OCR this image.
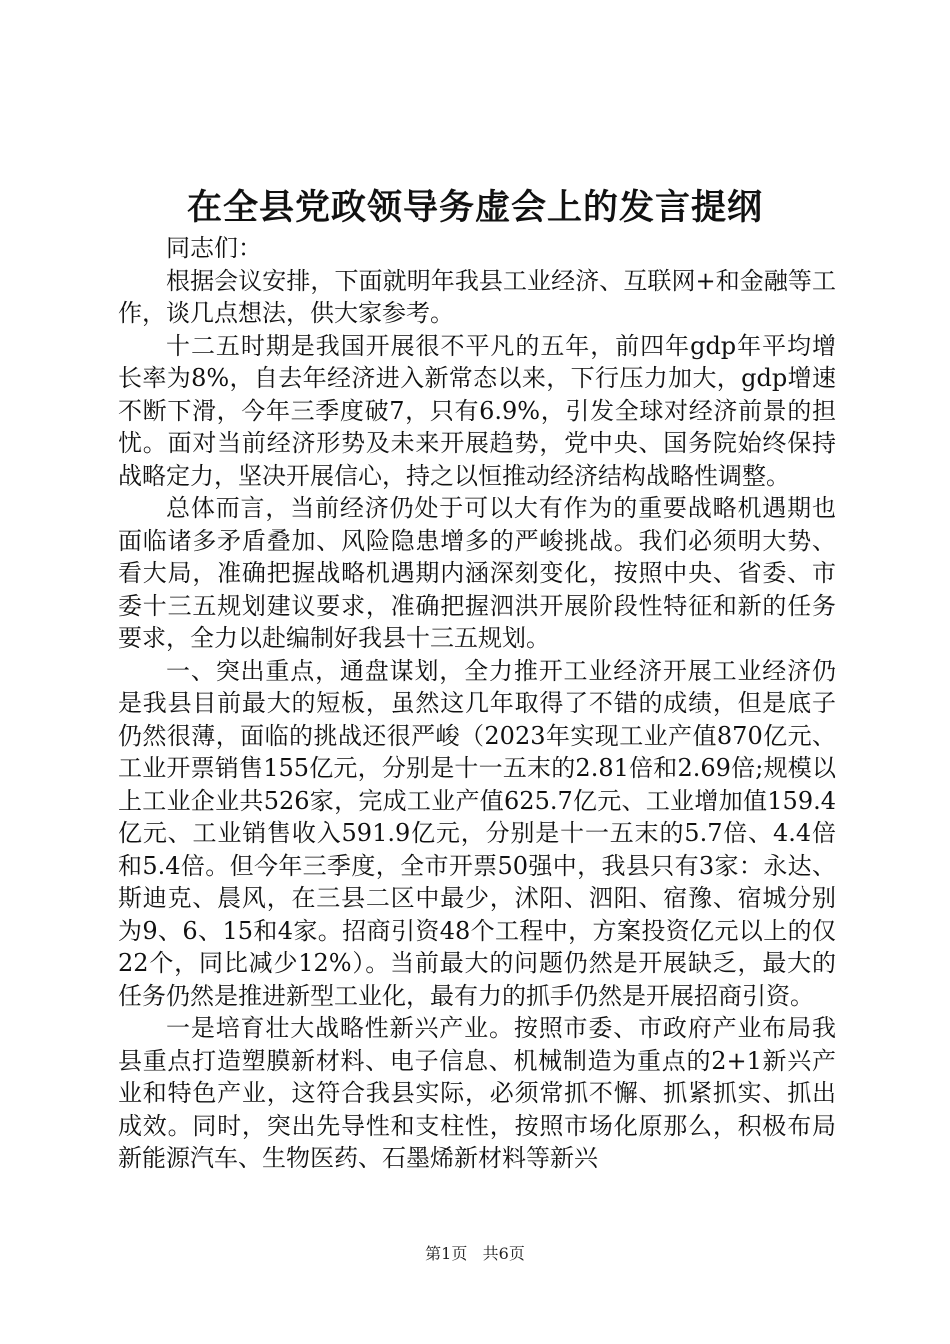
在全县党政领导务虚会上的发言提纲

同志们：

根据会议安排，下面就明年我县工业经济、互联网+和金融等工作，谈几点想法，供大家参考。

十二五时期是我国开展很不平凡的五年，前四年gdp年平均增长率为8%，自去年经济进入新常态以来，下行压力加大，gdp增速不断下滑，今年三季度破7，只有6.9%，引发全球对经济前景的担忧。面对当前经济形势及未来开展趋势，党中央、国务院始终保持战略定力，坚决开展信心，持之以恒推动经济结构战略性调整。

总体而言，当前经济仍处于可以大有作为的重要战略机遇期也面临诸多矛盾叠加、风险隐患增多的严峻挑战。我们必须明大势、看大局，准确把握战略机遇期内涵深刻变化，按照中央、省委、市委十三五规划建议要求，准确把握泗洪开展阶段性特征和新的任务要求，全力以赴编制好我县十三五规划。

一、突出重点，通盘谋划，全力推开工业经济开展工业经济仍是我县目前最大的短板，虽然这几年取得了不错的成绩，但是底子仍然很薄，面临的挑战还很严峻（2023年实现工业产值870亿元、工业开票销售155亿元，分别是十一五末的2.81倍和2.69倍;规模以上工业企业共526家，完成工业产值625.7亿元、工业增加值159.4亿元、工业销售收入591.9亿元，分别是十一五末的5.7倍、4.4倍和5.4倍。但今年三季度，全市开票50强中，我县只有3家：永达、斯迪克、晨风，在三县二区中最少，沭阳、泗阳、宿豫、宿城分别为9、6、15和4家。招商引资48个工程中，方案投资亿元以上的仅22个，同比减少12%）。当前最大的问题仍然是开展缺乏，最大的任务仍然是推进新型工业化，最有力的抓手仍然是开展招商引资。

一是培育壮大战略性新兴产业。按照市委、市政府产业布局我县重点打造塑膜新材料、电子信息、机械制造为重点的2+1新兴产业和特色产业，这符合我县实际，必须常抓不懈、抓紧抓实、抓出成效。同时，突出先导性和支柱性，按照市场化原那么，积极布局新能源汽车、生物医药、石墨烯新材料等新兴

第1页 共6页
